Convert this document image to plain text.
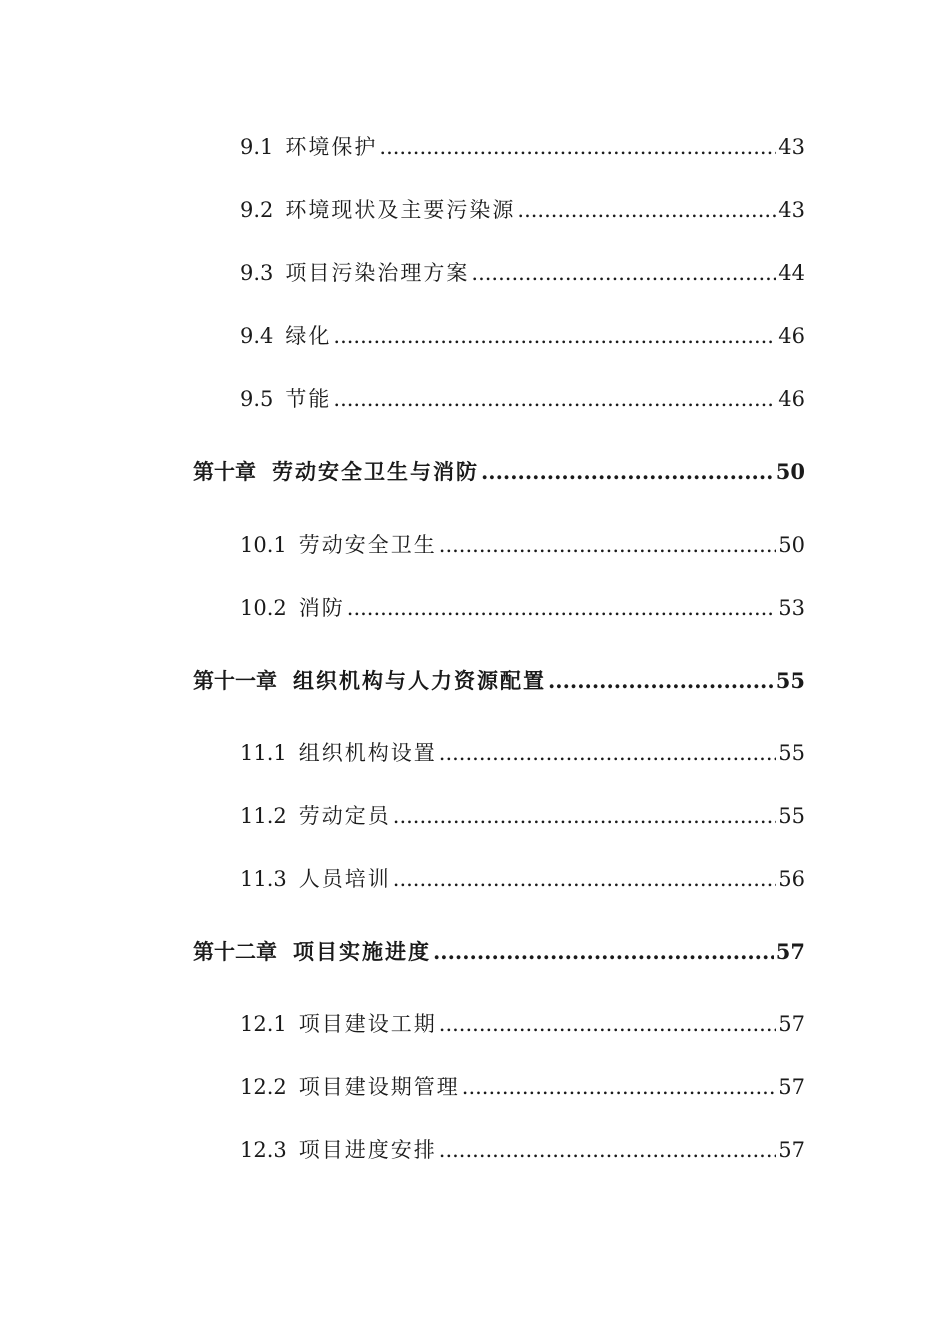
9.1 环境保护 .....	43
9.2 环境现状及主要污染源 .....	43
9.3 项目污染治理方案 .....	44
9.4 绿化 .....	46
9.5 节能 .....	46
第十章 劳动安全卫生与消防 .....	50
10.1 劳动安全卫生 .....	50
10.2 消防 .....	53
第十一章 组织机构与人力资源配置 .....	55
11.1 组织机构设置 .....	55
11.2 劳动定员 .....	55
11.3 人员培训 .....	56
第十二章 项目实施进度 .....	57
12.1 项目建设工期 .....	57
12.2 项目建设期管理 .....	57
12.3 项目进度安排 .....	57
